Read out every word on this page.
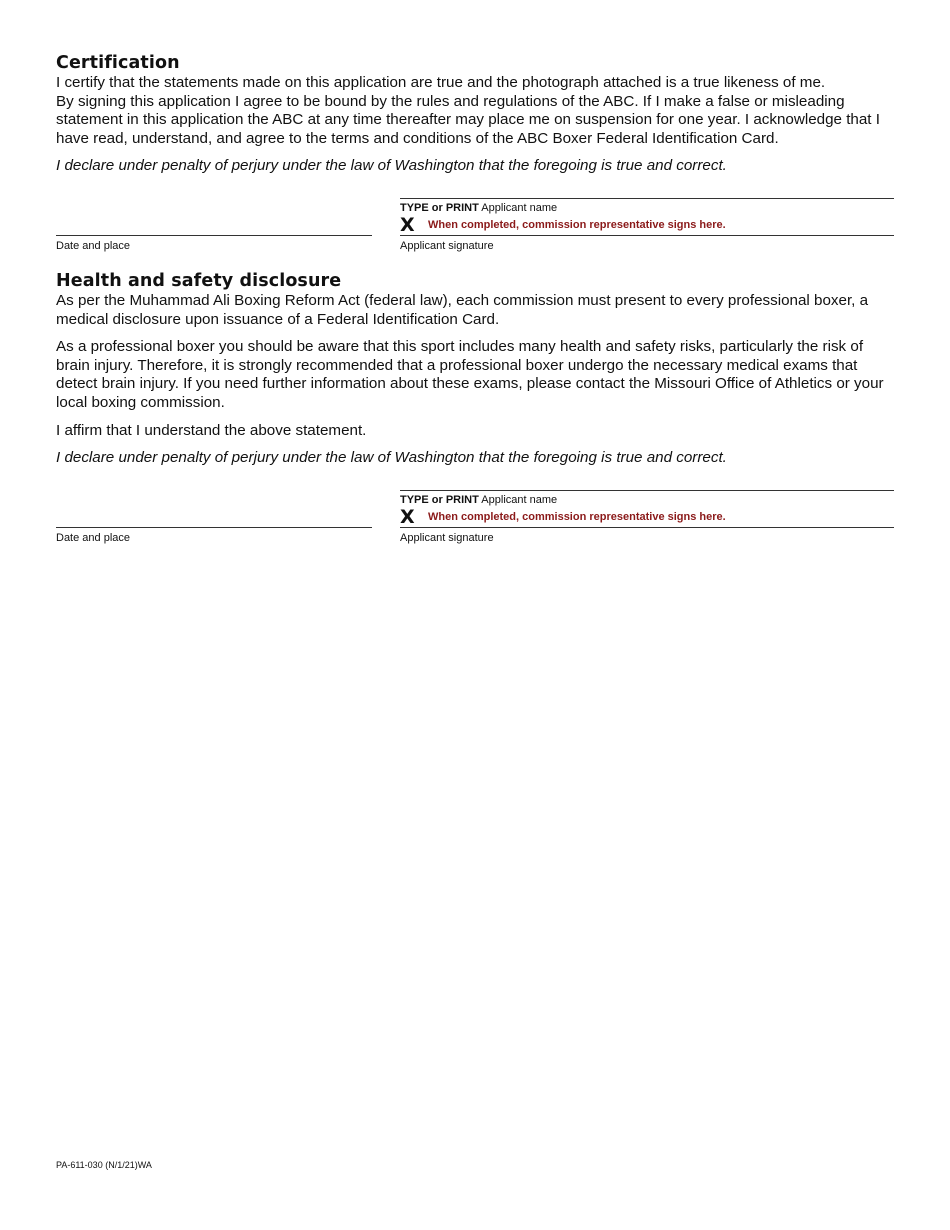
Certification

I certify that the statements made on this application are true and the photograph attached is a true likeness of me.

By signing this application I agree to be bound by the rules and regulations of the ABC. If I make a false or misleading statement in this application the ABC at any time thereafter may place me on suspension for one year. I acknowledge that I have read, understand, and agree to the terms and conditions of the ABC Boxer Federal Identification Card.

I declare under penalty of perjury under the law of Washington that the foregoing is true and correct.

TYPE or PRINT Applicant name
X When completed, commission representative signs here.
Date and place	Applicant signature
Health and safety disclosure

As per the Muhammad Ali Boxing Reform Act (federal law), each commission must present to every professional boxer, a medical disclosure upon issuance of a Federal Identification Card.

As a professional boxer you should be aware that this sport includes many health and safety risks, particularly the risk of brain injury. Therefore, it is strongly recommended that a professional boxer undergo the necessary medical exams that detect brain injury. If you need further information about these exams, please contact the Missouri Office of Athletics or your local boxing commission.

I affirm that I understand the above statement.

I declare under penalty of perjury under the law of Washington that the foregoing is true and correct.

TYPE or PRINT Applicant name
X When completed, commission representative signs here.
Date and place	Applicant signature
PA-611-030 (N/1/21)WA
